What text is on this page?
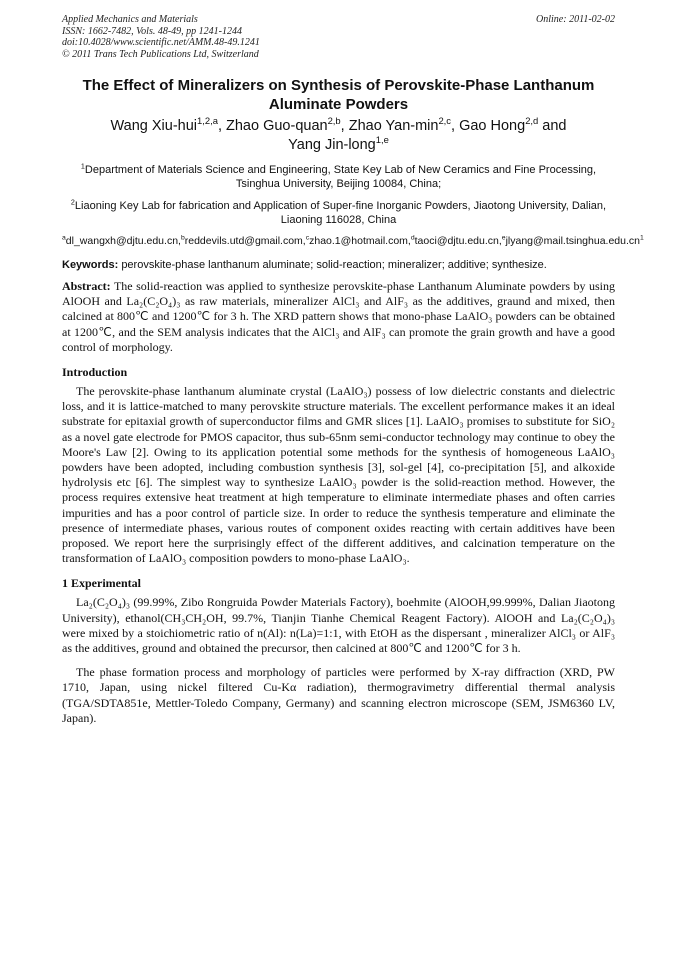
Applied Mechanics and Materials	Online: 2011-02-02
ISSN: 1662-7482, Vols. 48-49, pp 1241-1244
doi:10.4028/www.scientific.net/AMM.48-49.1241
© 2011 Trans Tech Publications Ltd, Switzerland
The Effect of Mineralizers on Synthesis of Perovskite-Phase Lanthanum Aluminate Powders
Wang Xiu-hui$^{1,2,a}$, Zhao Guo-quan$^{2,b}$, Zhao Yan-$\min^{2,c}$, Gao Hong$^{2,d}$ and
Yang Jin-long$^{1,e}$
$^1$Department of Materials Science and Engineering, State Key Lab of New Ceramics and Fine Processing, Tsinghua University, Beijing 10084, China;
$^2$Liaoning Key Lab for fabrication and Application of Super-fine Inorganic Powders, Jiaotong University, Dalian, Liaoning 116028, China
$^adl\_wangxh@djtu.edu.cn,^breddevils.utd@gmail.com,^czhao.1@hotmail.com,^dtaoci@djtu.edu.cn,^ejlyang@mail.tsinghua.edu.cn^1$
Keywords: perovskite-phase lanthanum aluminate; solid-reaction; mineralizer; additive; synthesize.
Abstract: The solid-reaction was applied to synthesize perovskite-phase Lanthanum Aluminate powders by using AlOOH and La₂(C₂O₄)₃ as raw materials, mineralizer AlCl₃ and AlF₃ as the additives, graund and mixed, then calcined at 800℃ and 1200℃ for 3 h. The XRD pattern shows that mono-phase LaAlO₃ powders can be obtained at 1200℃, and the SEM analysis indicates that the AlCl₃ and AlF₃ can promote the grain growth and have a good control of morphology.
Introduction
The perovskite-phase lanthanum aluminate crystal (LaAlO₃) possess of low dielectric constants and dielectric loss, and it is lattice-matched to many perovskite structure materials. The excellent performance makes it an ideal substrate for epitaxial growth of superconductor films and GMR slices [1]. LaAlO₃ promises to substitute for SiO₂ as a novel gate electrode for PMOS capacitor, thus sub-65nm semi-conductor technology may continue to obey the Moore's Law [2]. Owing to its application potential some methods for the synthesis of homogeneous LaAlO₃ powders have been adopted, including combustion synthesis [3], sol-gel [4], co-precipitation [5], and alkoxide hydrolysis etc [6]. The simplest way to synthesize LaAlO₃ powder is the solid-reaction method. However, the process requires extensive heat treatment at high temperature to eliminate intermediate phases and often carries impurities and has a poor control of particle size. In order to reduce the synthesis temperature and eliminate the presence of intermediate phases, various routes of component oxides reacting with certain additives have been proposed. We report here the surprisingly effect of the different additives, and calcination temperature on the transformation of LaAlO₃ composition powders to mono-phase LaAlO₃.
1 Experimental
La₂(C₂O₄)₃ (99.99%, Zibo Rongruida Powder Materials Factory), boehmite (AlOOH,99.999%, Dalian Jiaotong University), ethanol(CH₃CH₂OH, 99.7%, Tianjin Tianhe Chemical Reagent Factory). AlOOH and La₂(C₂O₄)₃ were mixed by a stoichiometric ratio of n(Al): n(La)=1:1, with EtOH as the dispersant , mineralizer AlCl₃ or AlF₃ as the additives, ground and obtained the precursor, then calcined at 800℃ and 1200℃ for 3 h.
The phase formation process and morphology of particles were performed by X-ray diffraction (XRD, PW 1710, Japan, using nickel filtered Cu-Kα radiation), thermogravimetry differential thermal analysis (TGA/SDTA851e, Mettler-Toledo Company, Germany) and scanning electron microscope (SEM, JSM6360 LV, Japan).
